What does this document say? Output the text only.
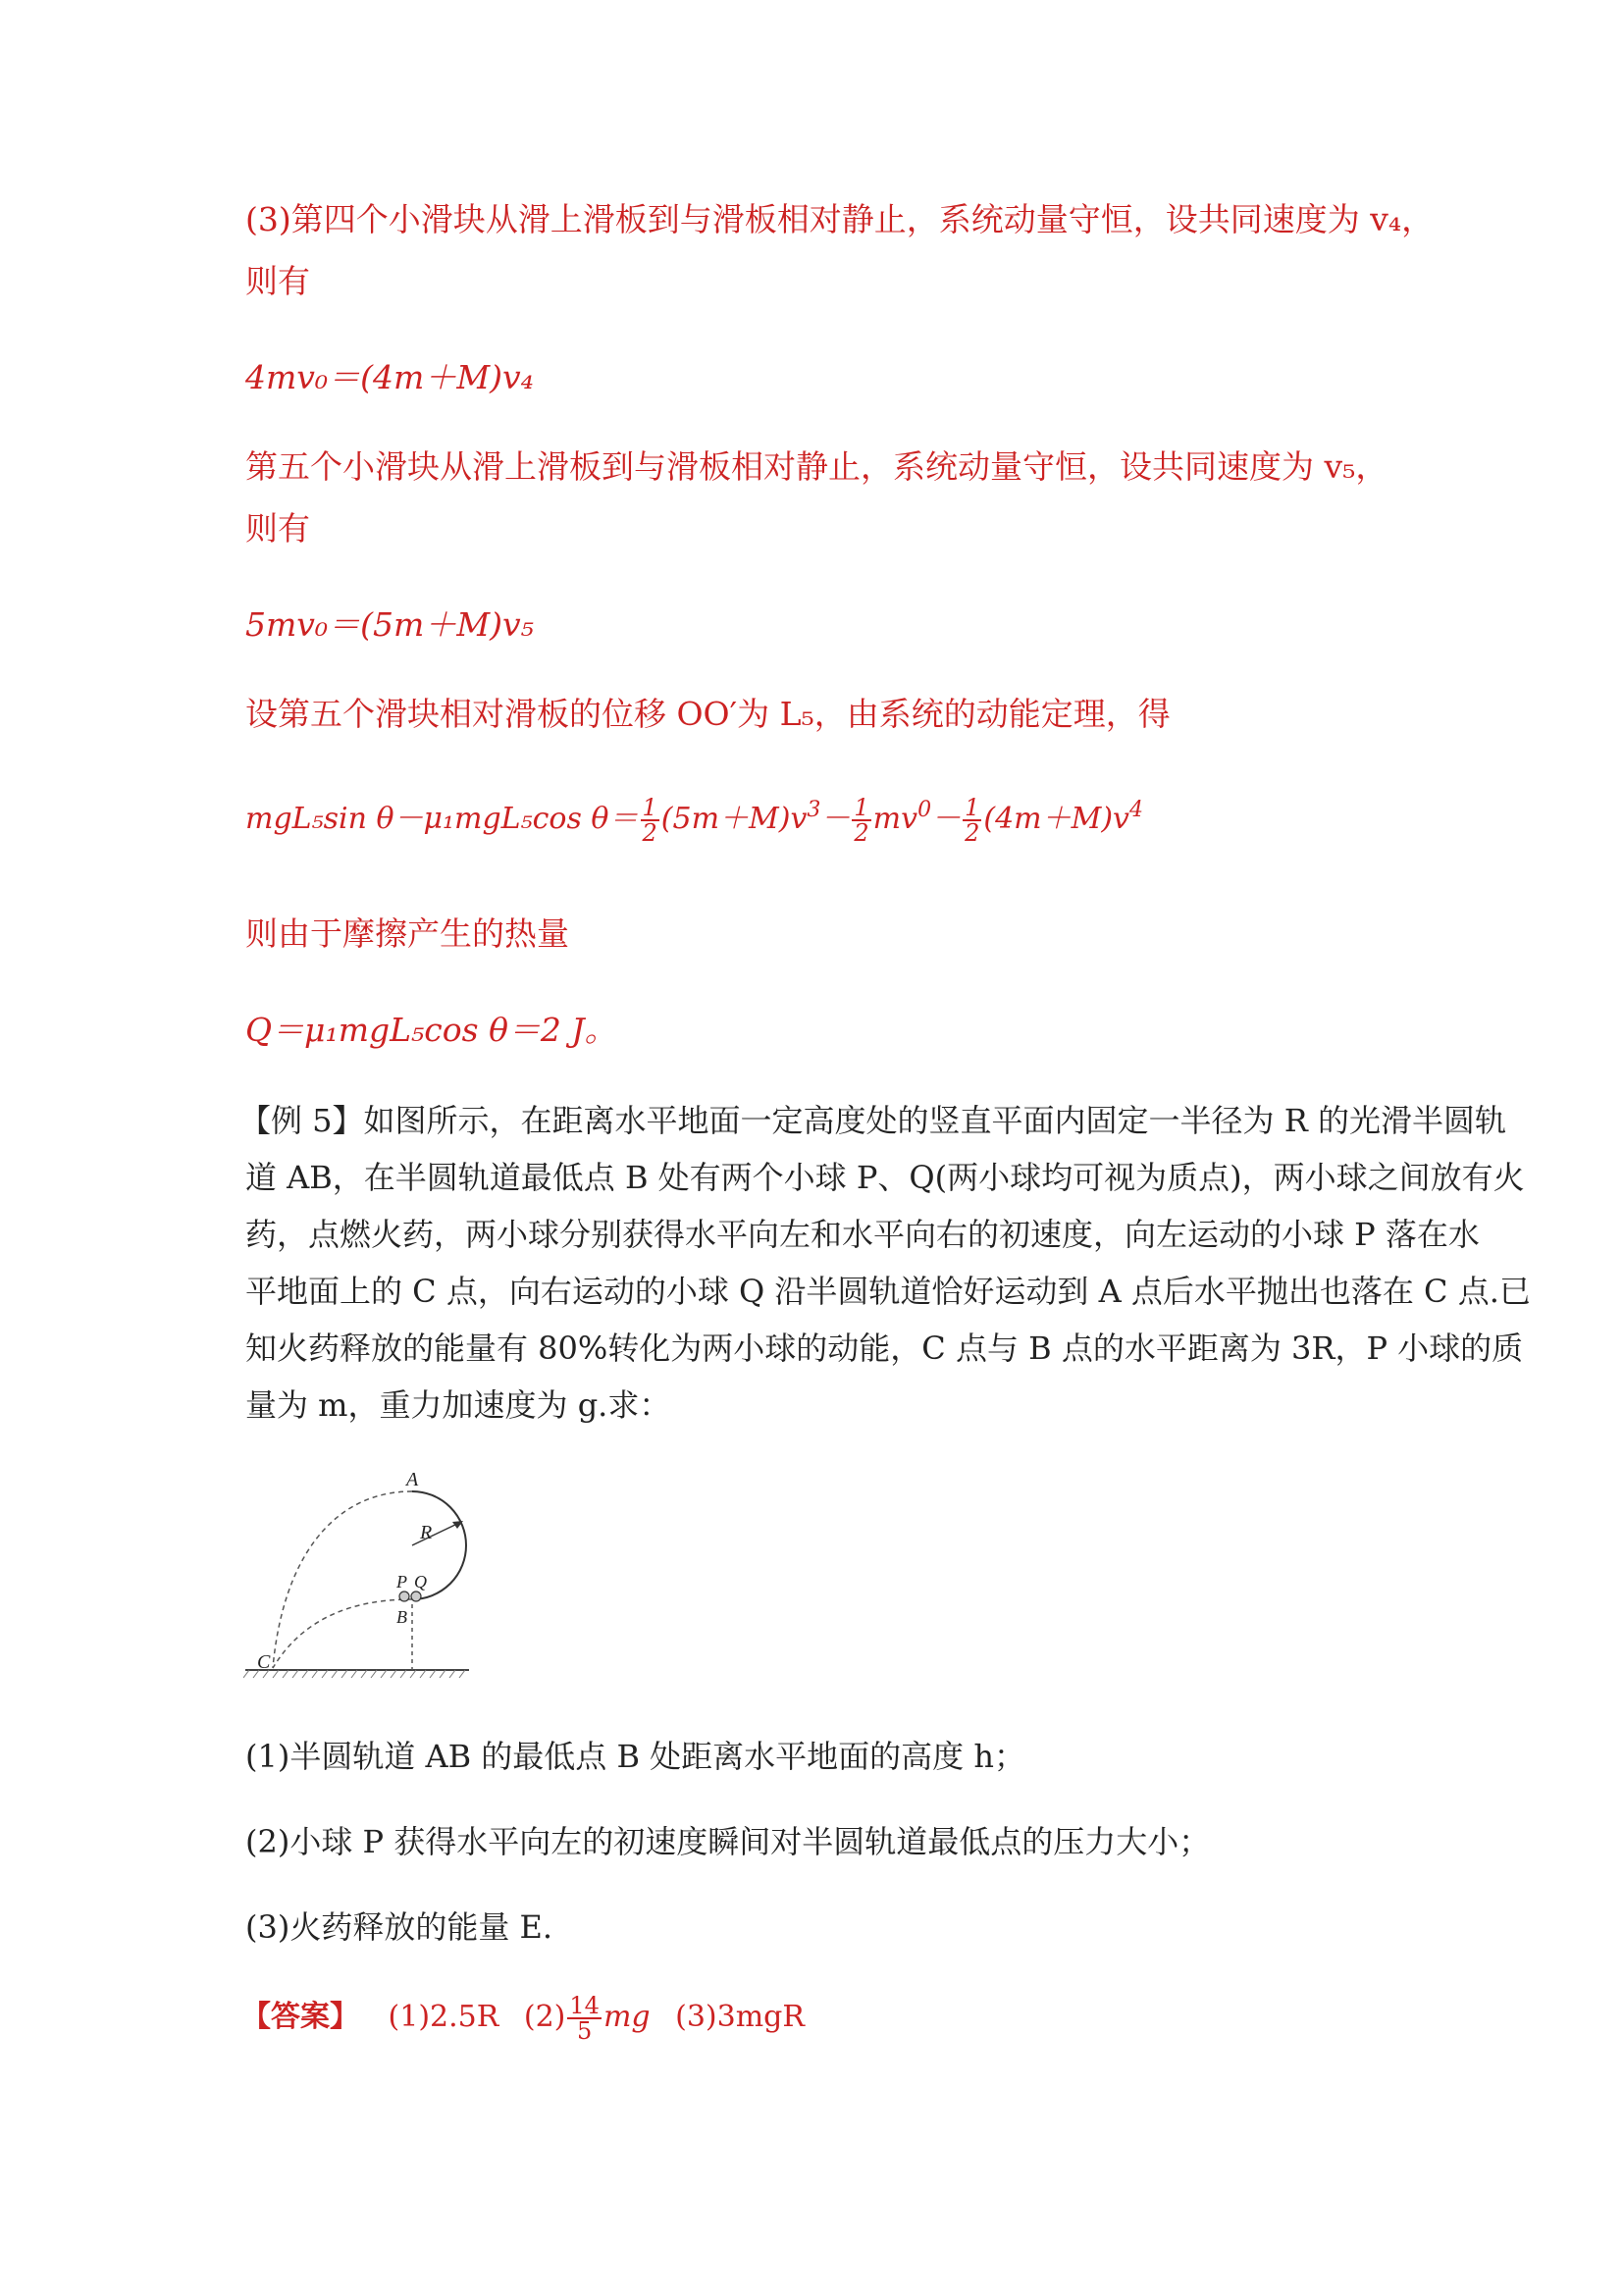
(3)第四个小滑块从滑上滑板到与滑板相对静止，系统动量守恒，设共同速度为 v₄，
则有
4mv₀＝(4m＋M)v₄
第五个小滑块从滑上滑板到与滑板相对静止，系统动量守恒，设共同速度为 v₅，
则有
5mv₀＝(5m＋M)v₅
设第五个滑块相对滑板的位移 OO′为 L₅，由系统的动能定理，得
mgL₅sin θ－μ₁mgL₅cos $\theta= \frac{1}{2} (5m+M)v^3- \frac{1}{2} mv^0- \frac{1}{2} (4m+M)v^4$
则由于摩擦产生的热量
Q＝μ₁mgL₅cos θ＝2 J。
【例 5】如图所示，在距离水平地面一定高度处的竖直平面内固定一半径为 R 的光滑半圆轨
道 AB，在半圆轨道最低点 B 处有两个小球 P、Q(两小球均可视为质点)，两小球之间放有火
药，点燃火药，两小球分别获得水平向左和水平向右的初速度，向左运动的小球 P 落在水
平地面上的 C 点，向右运动的小球 Q 沿半圆轨道恰好运动到 A 点后水平抛出也落在 C 点.已
知火药释放的能量有 80%转化为两小球的动能，C 点与 B 点的水平距离为 3R，P 小球的质
量为 m，重力加速度为 g.求：
A
R
P Q
B
C
(1)半圆轨道 AB 的最低点 B 处距离水平地面的高度 h；
(2)小球 P 获得水平向左的初速度瞬间对半圆轨道最低点的压力大小；
(3)火药释放的能量 E.
【答案】 (1)2.5R $(2) \frac{14}{5}$ mg (3)3mgR
